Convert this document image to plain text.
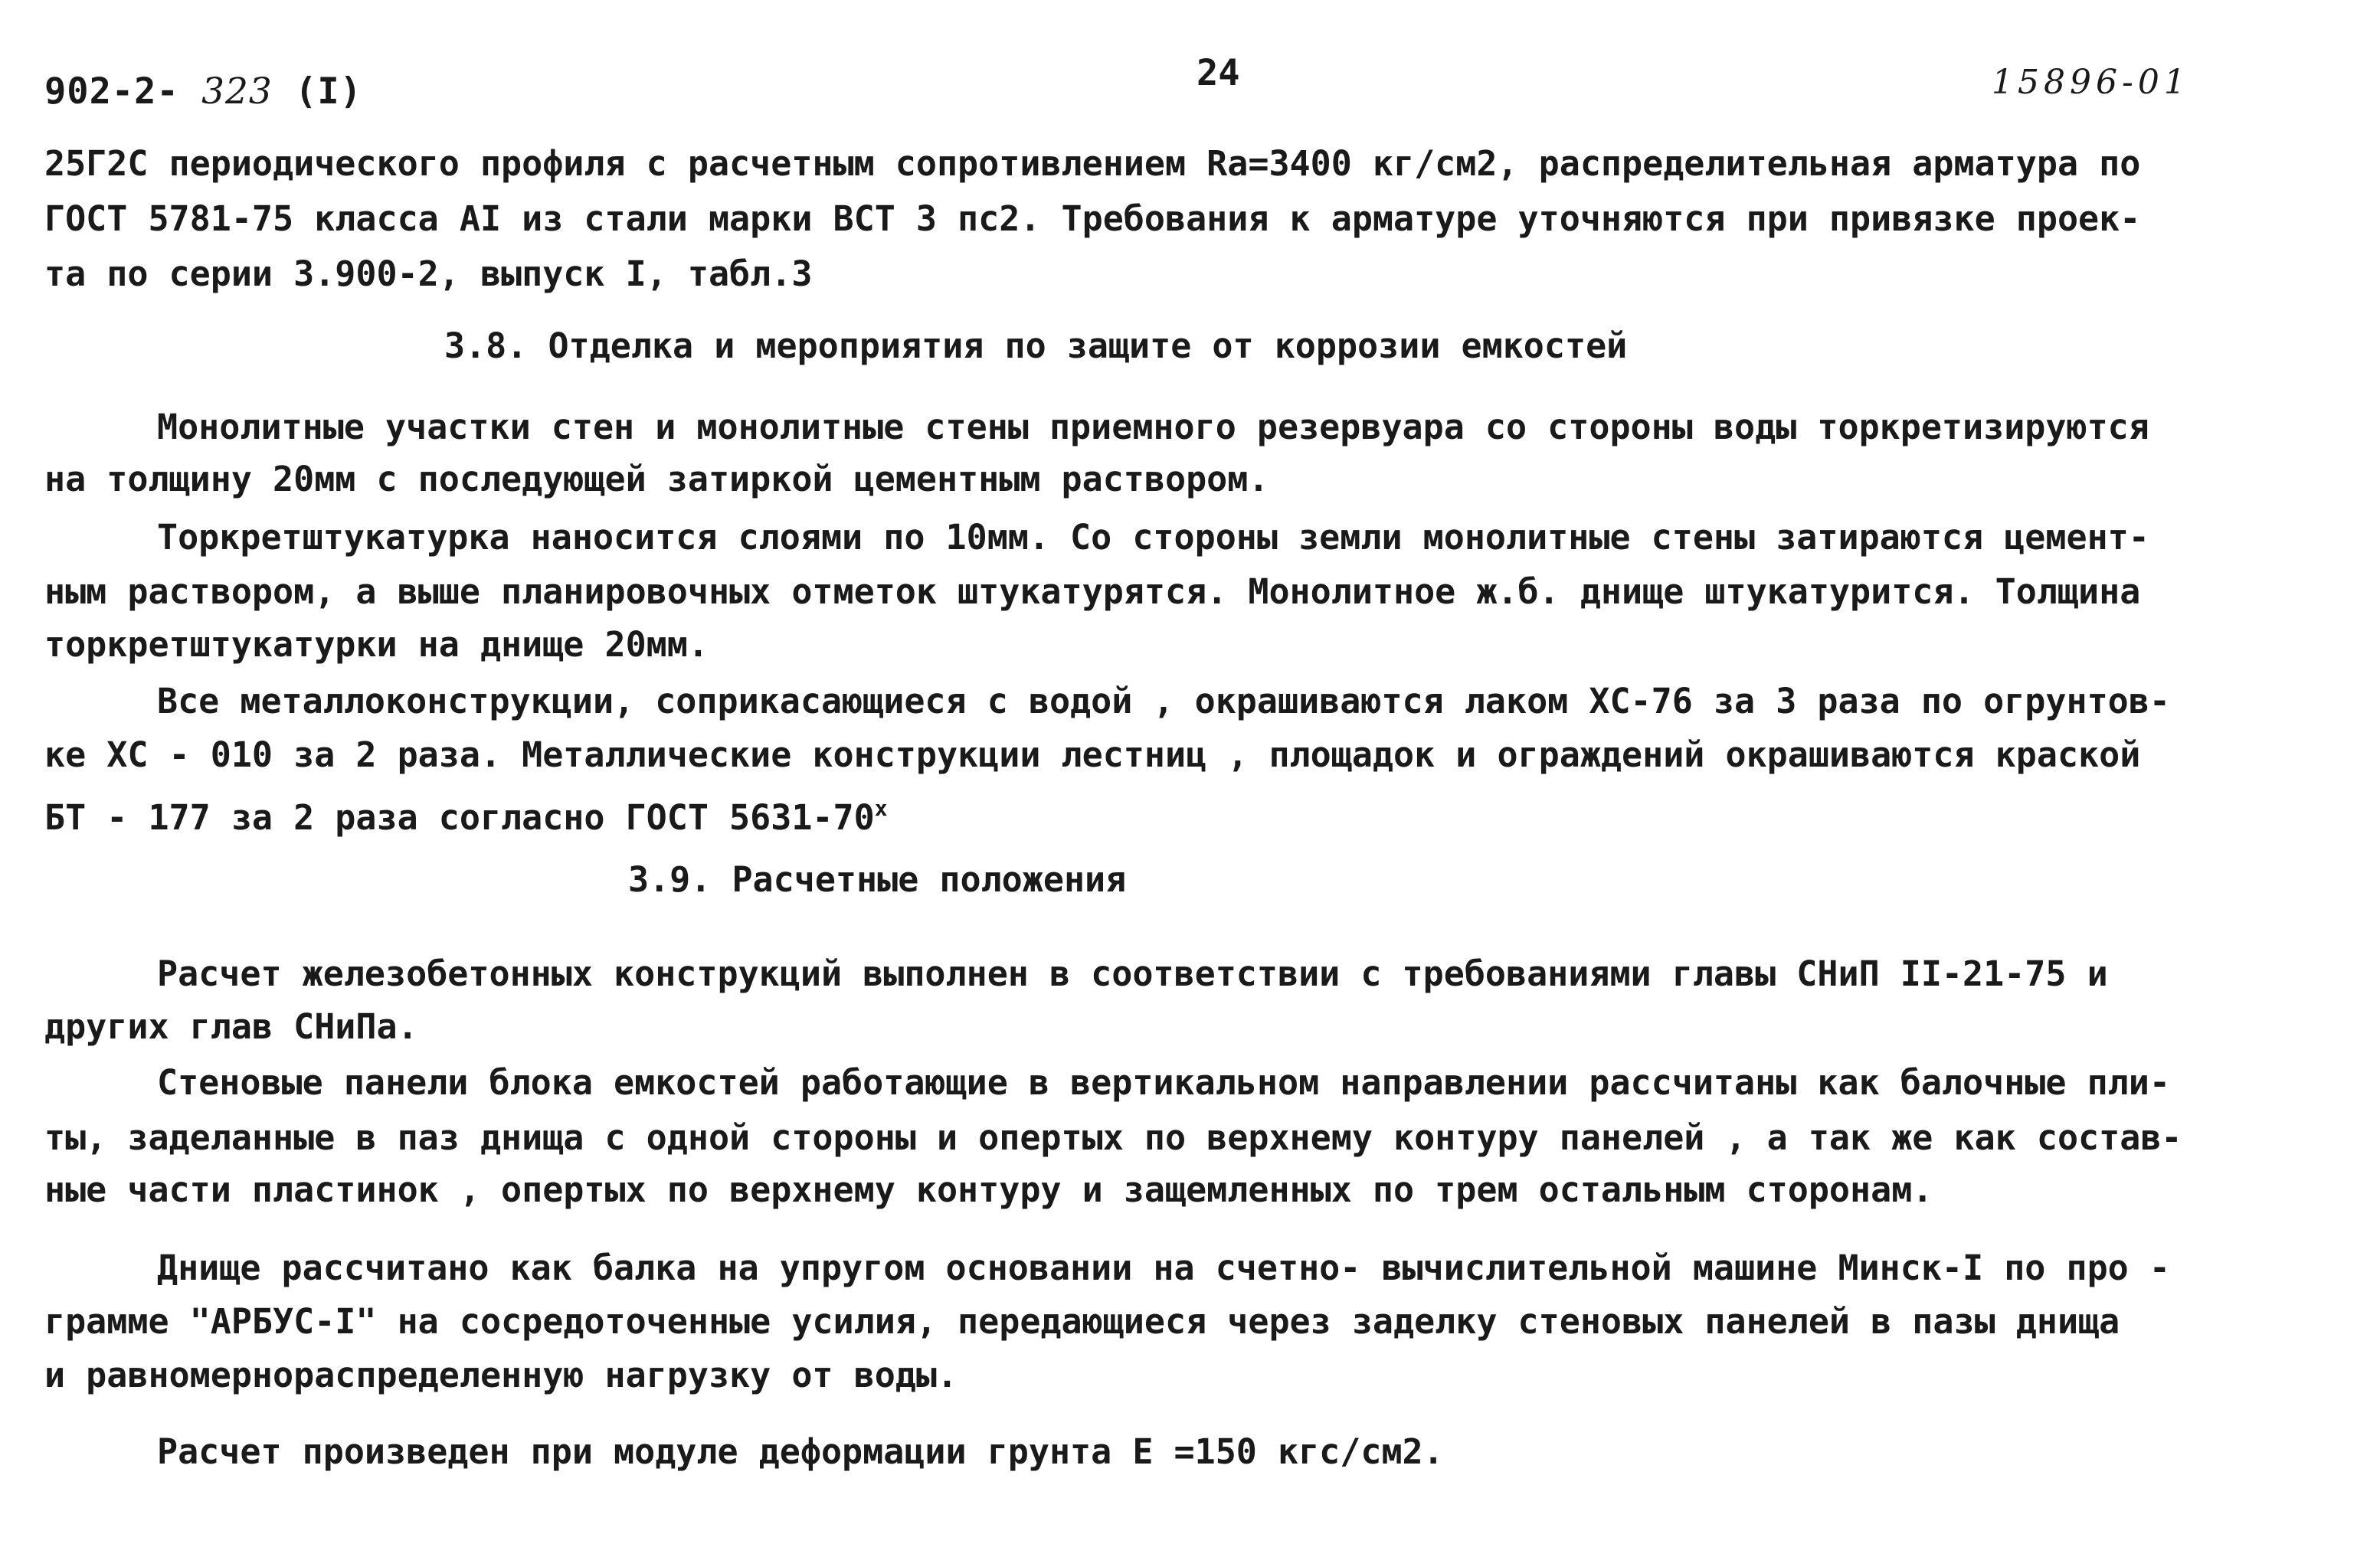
902-2- 323 (I)	24	15896-01
25Г2С периодического профиля с расчетным сопротивлением Ra=3400 кг/см2, распределительная арматура по
ГОСТ 5781-75 класса AI из стали марки ВСТ 3 пс2. Требования к арматуре уточняются при привязке проек-
та по серии 3.900-2, выпуск I, табл.3
3.8. Отделка и мероприятия по защите от коррозии емкостей
Монолитные участки стен и монолитные стены приемного резервуара со стороны воды торкретизируются
на толщину 20мм с последующей затиркой цементным раствором.
Торкретштукатурка наносится слоями по 10мм. Со стороны земли монолитные стены затираются цемент-
ным раствором, а выше планировочных отметок штукатурятся. Монолитное ж.б. днище штукатурится. Толщина
торкретштукатурки на днище 20мм.
Все металлоконструкции, соприкасающиеся с водой , окрашиваются лаком ХС-76 за 3 раза по огрунтов-
ке ХС - 010 за 2 раза. Металлические конструкции лестниц , площадок и ограждений окрашиваются краской
БТ - 177 за 2 раза согласно ГОСТ 5631-70$^x$
3.9. Расчетные положения
Расчет железобетонных конструкций выполнен в соответствии с требованиями главы СНиП II-21-75 и
других глав СНиПа.
Стеновые панели блока емкостей работающие в вертикальном направлении рассчитаны как балочные пли-
ты, заделанные в паз днища с одной стороны и опертых по верхнему контуру панелей , а так же как состав-
ные части пластинок , опертых по верхнему контуру и защемленных по трем остальным сторонам.
Днище рассчитано как балка на упругом основании на счетно- вычислительной машине Минск-I по про -
грамме "АРБУС-I" на сосредоточенные усилия, передающиеся через заделку стеновых панелей в пазы днища
и равномернораспределенную нагрузку от воды.
Расчет произведен при модуле деформации грунта E =150 кгс/см2.
